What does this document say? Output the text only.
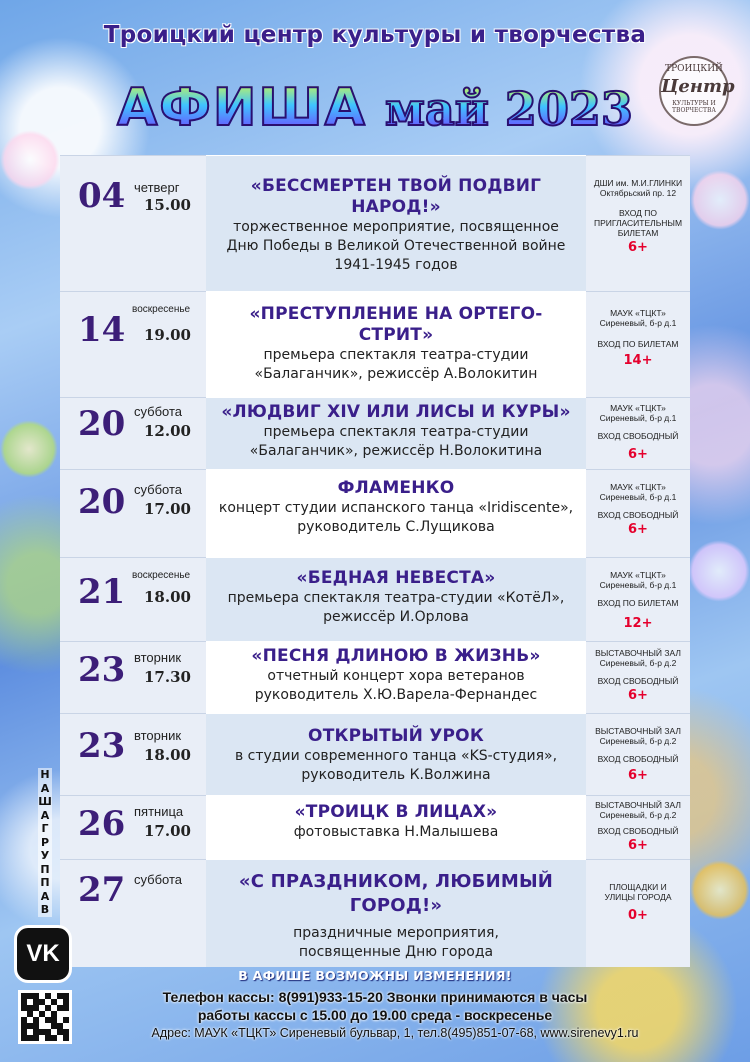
Троицкий центр культуры и творчества
АФИША май 2023
ТРОИЦКИЙ
Центр
КУЛЬТУРЫ И ТВОРЧЕСТВА
04 четверг
15.00
«БЕССМЕРТЕН ТВОЙ ПОДВИГ НАРОД!»
торжественное мероприятие, посвященное Дню Победы в Великой Отечественной войне 1941-1945 годов
ДШИ им. М.И.ГЛИНКИ Октябрьский пр. 12
ВХОД ПО ПРИГЛАСИТЕЛЬНЫМ БИЛЕТАМ
6+
14
воскресенье
19.00
«ПРЕСТУПЛЕНИЕ НА ОРТЕГО-СТРИТ»
премьера спектакля театра-студии «Балаганчик», режиссёр А.Волокитин
МАУК «ТЦКТ» Сиреневый, б-р д.1
ВХОД ПО БИЛЕТАМ
14+
20 суббота
12.00
«ЛЮДВИГ XIV ИЛИ ЛИСЫ И КУРЫ»
премьера спектакля театра-студии «Балаганчик», режиссёр Н.Волокитина
МАУК «ТЦКТ» Сиреневый, б-р д.1
ВХОД СВОБОДНЫЙ
6+
20 суббота
17.00
ФЛАМЕНКО
концерт студии испанского танца «Iridiscente», руководитель С.Лущикова
МАУК «ТЦКТ» Сиреневый, б-р д.1
ВХОД СВОБОДНЫЙ
6+
21 воскресенье
18.00
«БЕДНАЯ НЕВЕСТА»
премьера спектакля театра-студии «КотёЛ», режиссёр И.Орлова
МАУК «ТЦКТ» Сиреневый, б-р д.1
ВХОД ПО БИЛЕТАМ
12+
23 вторник
17.30
«ПЕСНЯ ДЛИНОЮ В ЖИЗНЬ»
отчетный концерт хора ветеранов руководитель Х.Ю.Варела-Фернандес
ВЫСТАВОЧНЫЙ ЗАЛ Сиреневый, б-р д.2
ВХОД СВОБОДНЫЙ
6+
23 вторник
18.00
ОТКРЫТЫЙ УРОК
в студии современного танца «KS-студия», руководитель К.Волжина
ВЫСТАВОЧНЫЙ ЗАЛ Сиреневый, б-р д.2
ВХОД СВОБОДНЫЙ
6+
26 пятница
17.00
«ТРОИЦК В ЛИЦАХ»
фотовыставка Н.Малышева
ВЫСТАВОЧНЫЙ ЗАЛ Сиреневый, б-р д.2
ВХОД СВОБОДНЫЙ
6+
27 суббота	«С ПРАЗДНИКОМ, ЛЮБИМЫЙ ГОРОД!»
праздничные мероприятия, посвященные Дню города
ПЛОЩАДКИ И УЛИЦЫ ГОРОДА
0+
НАША ГРУППА В
VK
В АФИШЕ ВОЗМОЖНЫ ИЗМЕНЕНИЯ!
Телефон кассы: 8(991)933-15-20 Звонки принимаются в часы
работы кассы с 15.00 до 19.00 среда - воскресенье
Адрес: МАУК «ТЦКТ» Сиреневый бульвар, 1, тел.8(495)851-07-68, www.sirenevy1.ru
